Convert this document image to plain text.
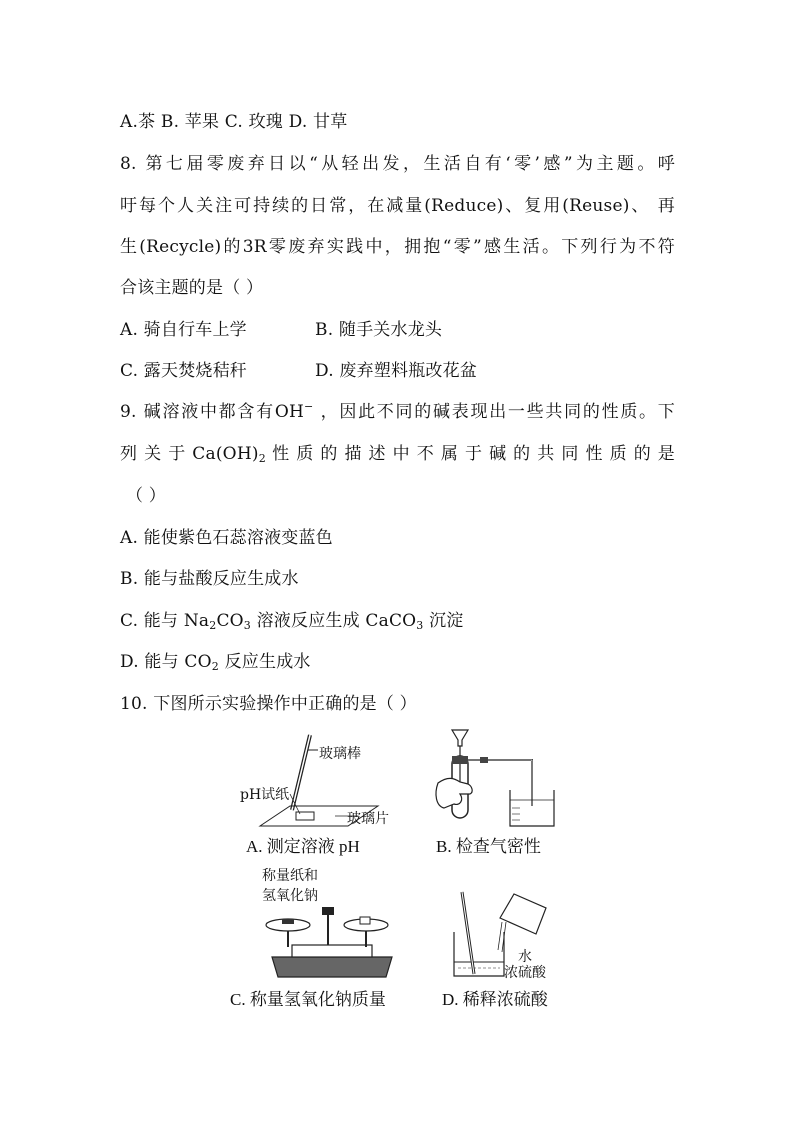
A.茶 B. 苹果 C. 玫瑰 D. 甘草
8. 第七届零废弃日以“从轻出发，生活自有‘零’感”为主题。呼
吁每个人关注可持续的日常，在减量(Reduce)、复用(Reuse)、 再
生(Recycle)的3R零废弃实践中，拥抱“零”感生活。下列行为不符
合该主题的是（ ）
A. 骑自行车上学	B. 随手关水龙头
C. 露天焚烧秸秆	D. 废弃塑料瓶改花盆
9. 碱溶液中都含有OH− ，因此不同的碱表现出一些共同的性质。下
列 关 于 $Ca(OH)_2$ 性 质 的 描 述 中 不 属 于 碱 的 共 同 性 质 的 是
（ ）
A. 能使紫色石蕊溶液变蓝色
B. 能与盐酸反应生成水
C. 能与 $Na_2CO_3$ 溶液反应生成 CaCO$_3$ 沉淀
D. 能与 $CO_2$ 反应生成水
10. 下图所示实验操作中正确的是（ ）
玻璃棒
pH试纸
玻璃片
A. 测定溶液 pH	B. 检查气密性
称量纸和
氢氧化钠
C. 称量氢氧化钠质量
水
浓硫酸
D. 稀释浓硫酸
